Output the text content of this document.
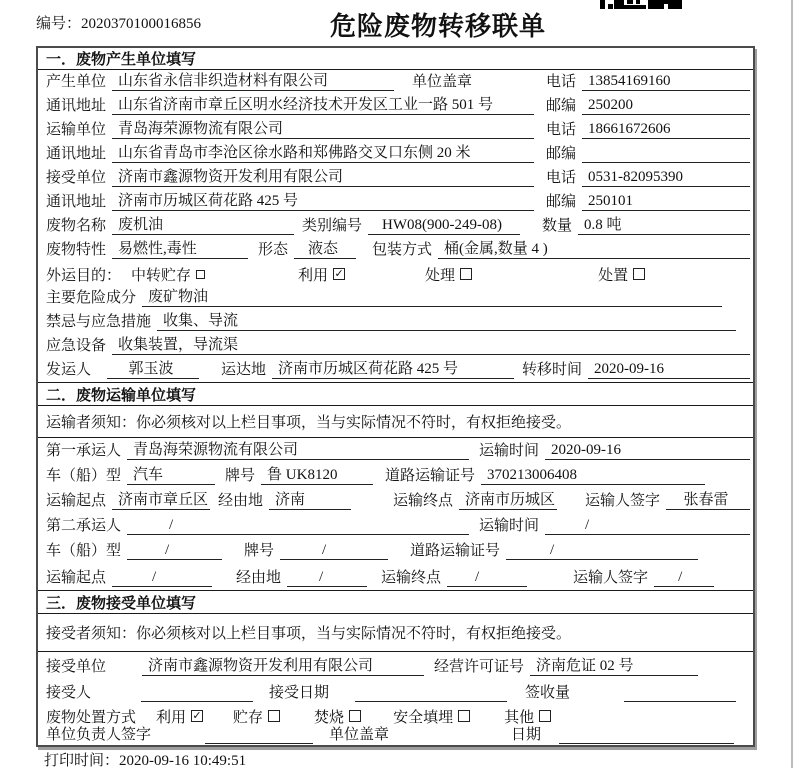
编号：2020370100016856	危险废物转移联单
一．废物产生单位填写
产生单位 山东省永信非织造材料有限公司	单位盖章	电话 13854169160
通讯地址 山东省济南市章丘区明水经济技术开发区工业一路 501 号	邮编 250200
运输单位 青岛海荣源物流有限公司	电话 18661672606
通讯地址 山东省青岛市李沧区徐水路和郑佛路交叉口东侧 20 米	邮编
接受单位 济南市鑫源物资开发利用有限公司	电话 0531-82095390
通讯地址 济南市历城区荷花路 425 号	邮编 250101
废物名称 废机油	类别编号	HW08(900-249-08)	数量 0.8 吨
废物特性 易燃性,毒性	形态	液态	包装方式 桶(金属,数量 4 )
外运目的： 中转贮存	利用 ✓	处理	处置
主要危险成分 废矿物油
禁忌与应急措施 收集、导流
应急设备 收集装置，导流渠
发运人	郭玉波	运达地 济南市历城区荷花路 425 号	转移时间 2020-09-16
二．废物运输单位填写
运输者须知：你必须核对以上栏目事项，当与实际情况不符时，有权拒绝接受。
第一承运人 青岛海荣源物流有限公司	运输时间 2020-09-16
车（船）型 汽车	牌号 鲁 UK8120	道路运输证号 370213006408
运输起点 济南市章丘区 经由地 济南	运输终点 济南市历城区 运输人签字	张春雷
第二承运人	/	运输时间	/
车（船）型	/	牌号	/	道路运输证号	/
运输起点	/	经由地	/	运输终点	/	运输人签字	/
三．废物接受单位填写
接受者须知：你必须核对以上栏目事项，当与实际情况不符时，有权拒绝接受。
接受单位	济南市鑫源物资开发利用有限公司	经营许可证号 济南危证 02 号
接受人	接受日期	签收量
废物处置方式 利用 ✓ 贮存	焚烧	安全填埋	其他
单位负责人签字	单位盖章	日期
打印时间：2020-09-16 10:49:51
